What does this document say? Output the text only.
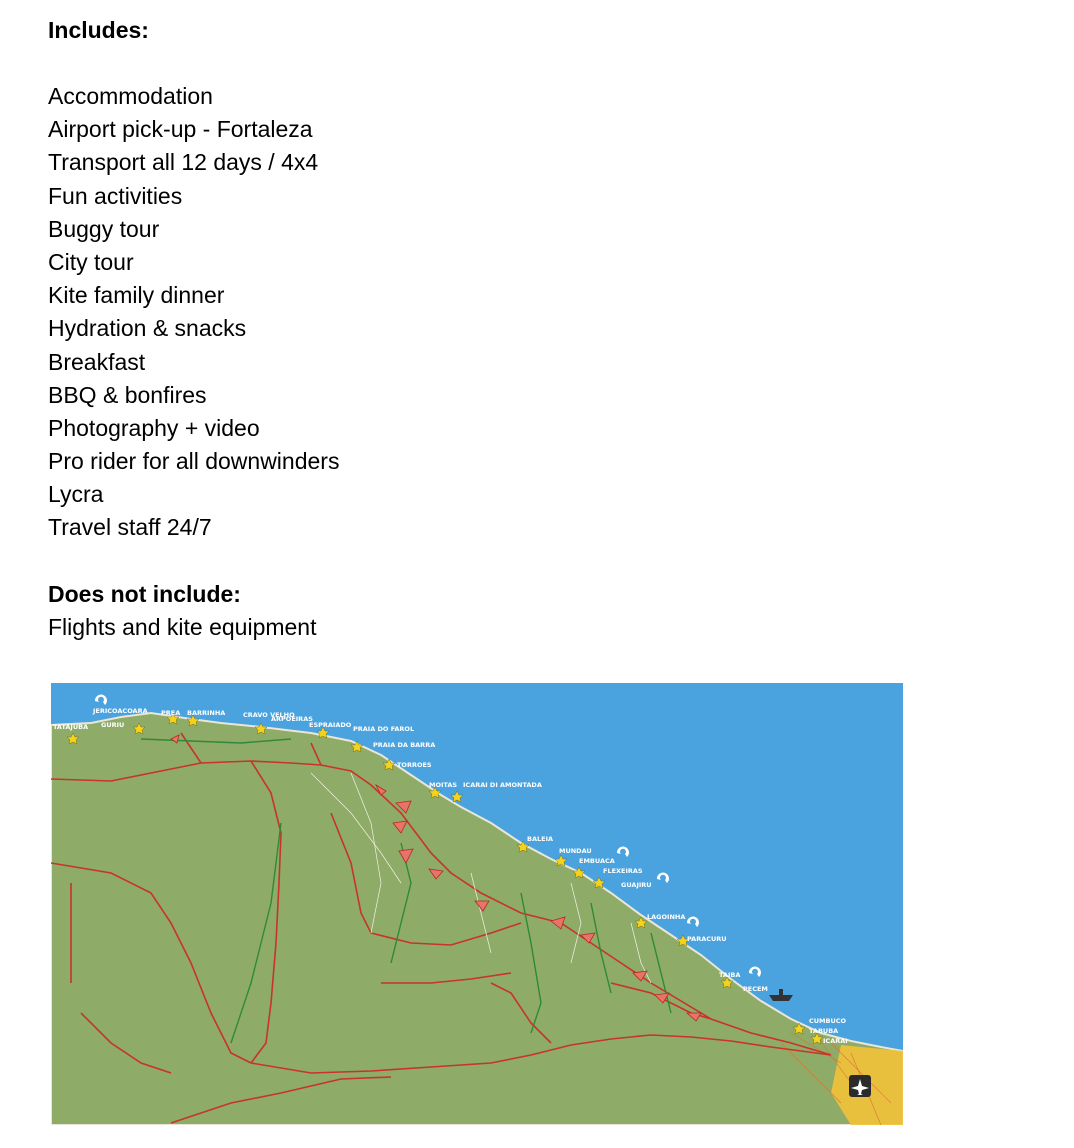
Includes:
Accommodation
Airport pick-up - Fortaleza
Transport all 12 days / 4x4
Fun activities
Buggy tour
City tour
Kite family dinner
Hydration & snacks
Breakfast
BBQ & bonfires
Photography + video
Pro rider for all downwinders
Lycra
Travel staff 24/7
Does not include:
Flights and kite equipment
JERICOACOARA PREA BARRINHA
TATAJUBA GURIU
CRAVO VELHO
ARPOEIRAS
ESPRAIADO PRAIA DO FAROL
PRAIA DA BARRA
TORROES
MOITAS ICARAI DI AMONTADA
BALEIA
MUNDAU
EMBUACA
FLEXEIRAS
GUAJIRU
LAGOINHA
PARACURU
TAIBA
PECEM
CUMBUCO
TABUBA
ICARAI
